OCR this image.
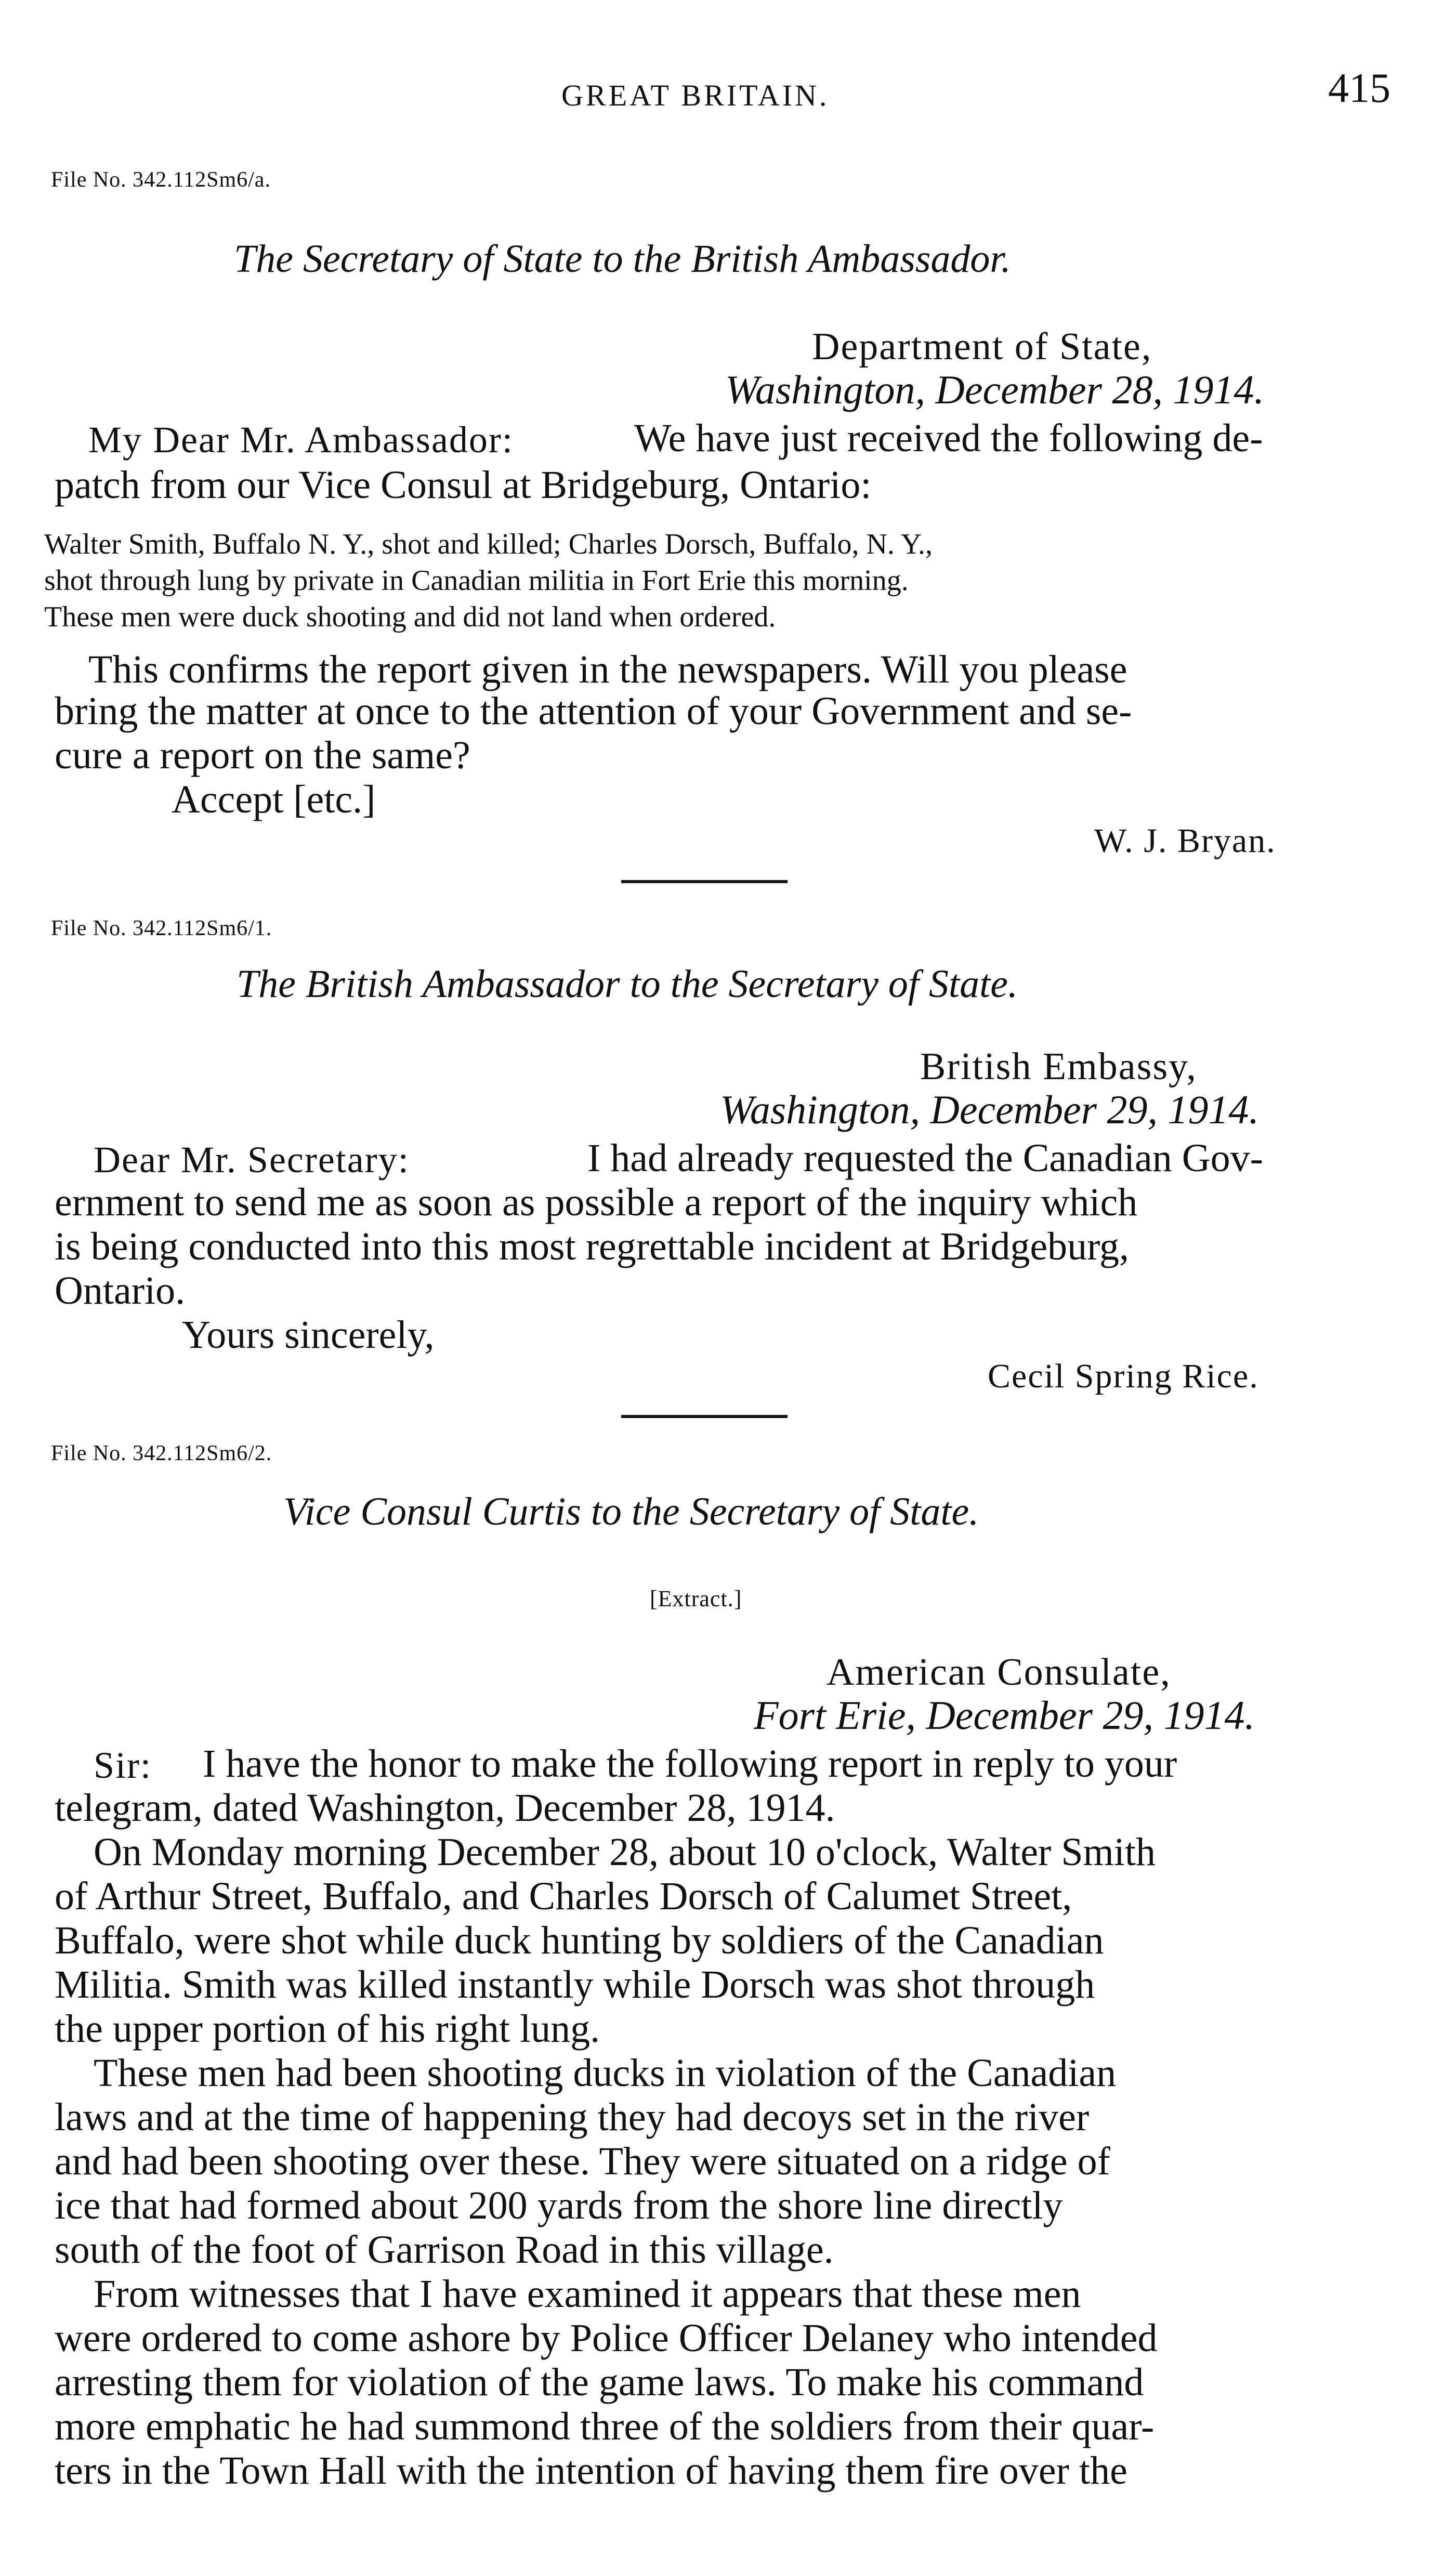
GREAT BRITAIN.	415
File No. 342.112Sm6/a.
The Secretary of State to the British Ambassador.
Department of State,
Washington, December 28, 1914.
My Dear Mr. Ambassador:	We have just received the following de-
patch from our Vice Consul at Bridgeburg, Ontario:
Walter Smith, Buffalo N. Y., shot and killed; Charles Dorsch, Buffalo, N. Y.,
shot through lung by private in Canadian militia in Fort Erie this morning.
These men were duck shooting and did not land when ordered.
This confirms the report given in the newspapers. Will you please
bring the matter at once to the attention of your Government and se-
cure a report on the same?
Accept [etc.]
W. J. Bryan.
File No. 342.112Sm6/1.
The British Ambassador to the Secretary of State.
British Embassy,
Washington, December 29, 1914.
Dear Mr. Secretary:	I had already requested the Canadian Gov-
ernment to send me as soon as possible a report of the inquiry which
is being conducted into this most regrettable incident at Bridgeburg,
Ontario.
Yours sincerely,
Cecil Spring Rice.
File No. 342.112Sm6/2.
Vice Consul Curtis to the Secretary of State.
[Extract.]
American Consulate,
Fort Erie, December 29, 1914.
Sir: I have the honor to make the following report in reply to your
telegram, dated Washington, December 28, 1914.
On Monday morning December 28, about 10 o'clock, Walter Smith
of Arthur Street, Buffalo, and Charles Dorsch of Calumet Street,
Buffalo, were shot while duck hunting by soldiers of the Canadian
Militia. Smith was killed instantly while Dorsch was shot through
the upper portion of his right lung.
These men had been shooting ducks in violation of the Canadian
laws and at the time of happening they had decoys set in the river
and had been shooting over these. They were situated on a ridge of
ice that had formed about 200 yards from the shore line directly
south of the foot of Garrison Road in this village.
From witnesses that I have examined it appears that these men
were ordered to come ashore by Police Officer Delaney who intended
arresting them for violation of the game laws. To make his command
more emphatic he had summond three of the soldiers from their quar-
ters in the Town Hall with the intention of having them fire over the
